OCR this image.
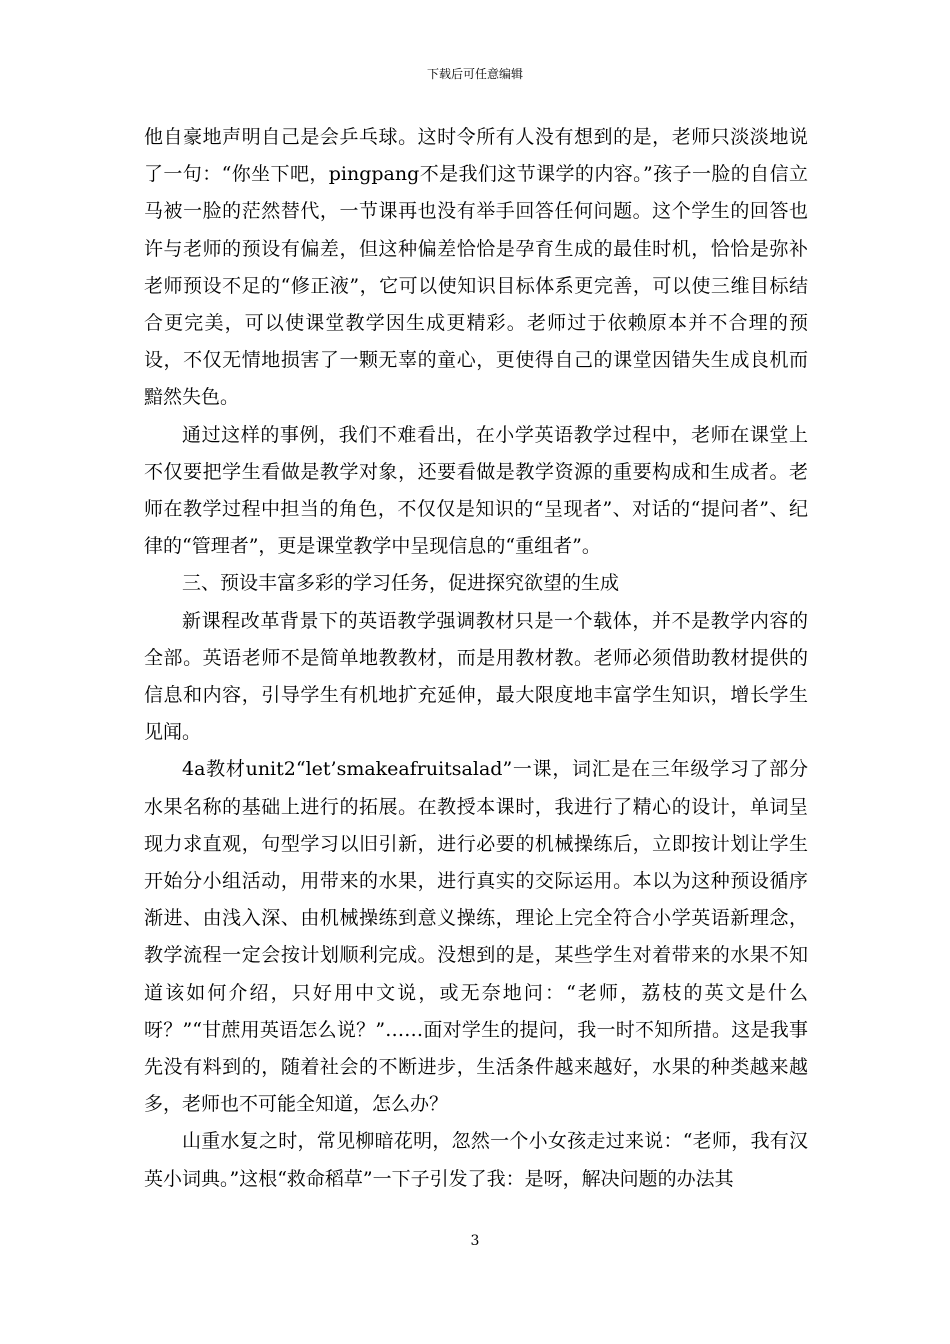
下载后可任意编辑

他自豪地声明自己是会乒乓球。这时令所有人没有想到的是，老师只淡淡地说了一句：“你坐下吧，pingpang不是我们这节课学的内容。”孩子一脸的自信立马被一脸的茫然替代，一节课再也没有举手回答任何问题。这个学生的回答也许与老师的预设有偏差，但这种偏差恰恰是孕育生成的最佳时机，恰恰是弥补老师预设不足的“修正液”，它可以使知识目标体系更完善，可以使三维目标结合更完美，可以使课堂教学因生成更精彩。老师过于依赖原本并不合理的预设，不仅无情地损害了一颗无辜的童心，更使得自己的课堂因错失生成良机而黯然失色。

通过这样的事例，我们不难看出，在小学英语教学过程中，老师在课堂上不仅要把学生看做是教学对象，还要看做是教学资源的重要构成和生成者。老师在教学过程中担当的角色，不仅仅是知识的“呈现者”、对话的“提问者”、纪律的“管理者”，更是课堂教学中呈现信息的“重组者”。

三、预设丰富多彩的学习任务，促进探究欲望的生成

新课程改革背景下的英语教学强调教材只是一个载体，并不是教学内容的全部。英语老师不是简单地教教材，而是用教材教。老师必须借助教材提供的信息和内容，引导学生有机地扩充延伸，最大限度地丰富学生知识，增长学生见闻。

4a教材unit2“let’smakeafruitsalad”一课，词汇是在三年级学习了部分水果名称的基础上进行的拓展。在教授本课时，我进行了精心的设计，单词呈现力求直观，句型学习以旧引新，进行必要的机械操练后，立即按计划让学生开始分小组活动，用带来的水果，进行真实的交际运用。本以为这种预设循序渐进、由浅入深、由机械操练到意义操练，理论上完全符合小学英语新理念，教学流程一定会按计划顺利完成。没想到的是，某些学生对着带来的水果不知道该如何介绍，只好用中文说，或无奈地问：“老师，荔枝的英文是什么呀？”“甘蔗用英语怎么说？”……面对学生的提问，我一时不知所措。这是我事先没有料到的，随着社会的不断进步，生活条件越来越好，水果的种类越来越多，老师也不可能全知道，怎么办？

山重水复之时，常见柳暗花明，忽然一个小女孩走过来说：“老师，我有汉英小词典。”这根“救命稻草”一下子引发了我：是呀，解决问题的办法其

3
